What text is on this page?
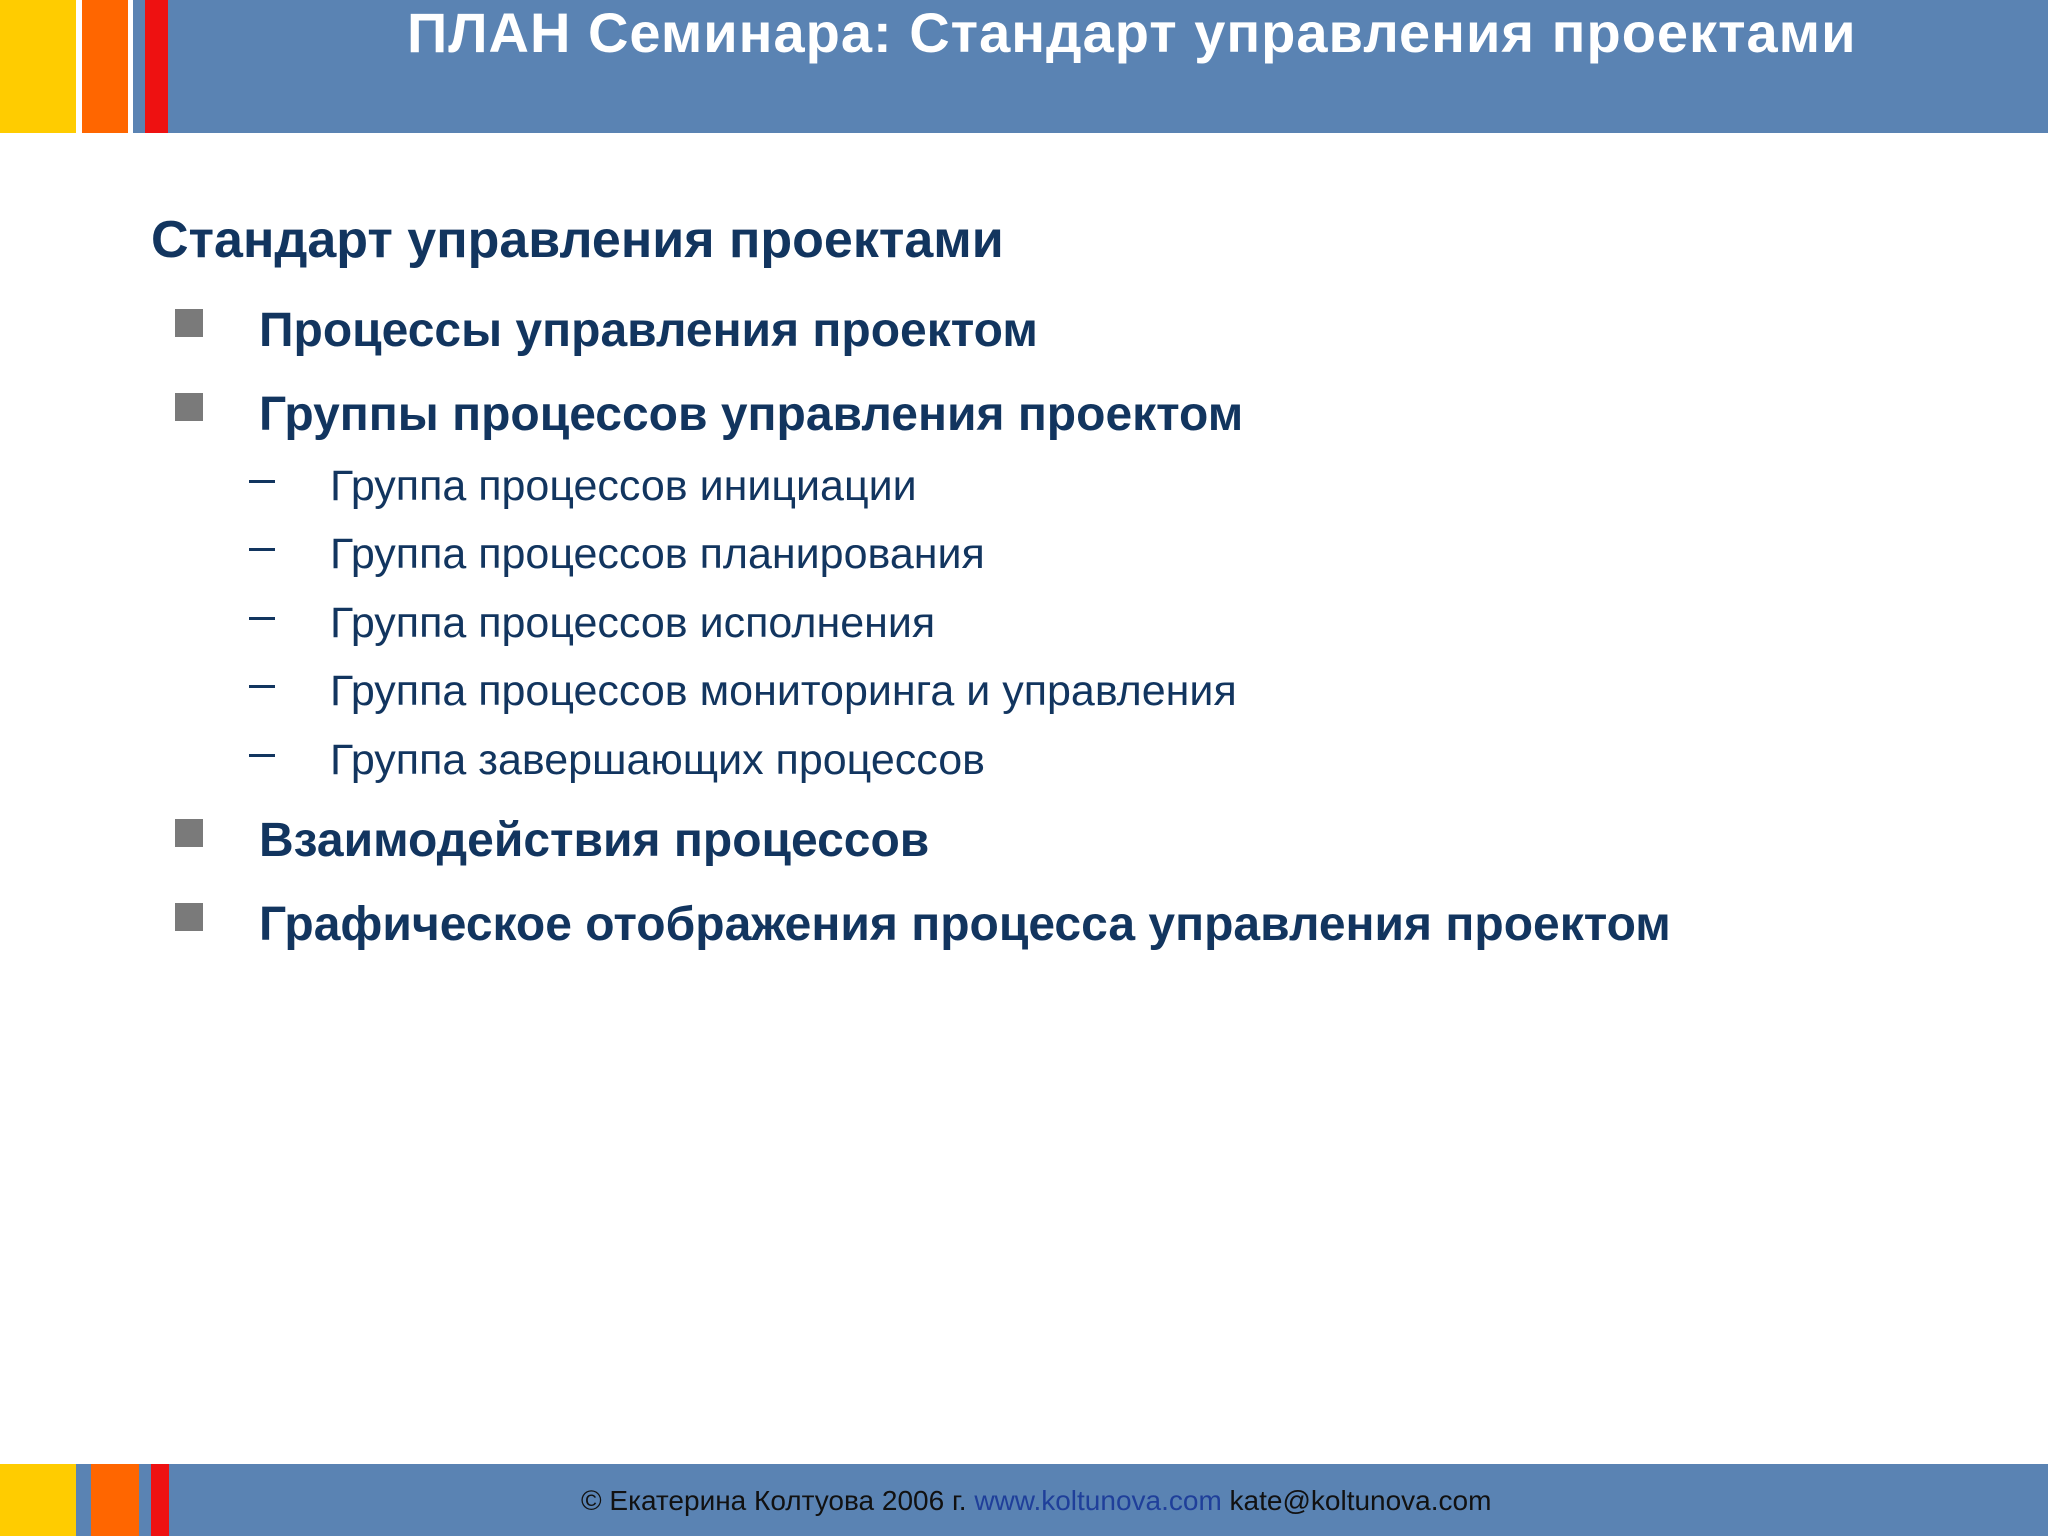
ПЛАН Семинара: Стандарт управления проектами
Стандарт управления проектами
Процессы управления проектом
Группы процессов управления проектом
Группа процессов инициации
Группа процессов планирования
Группа процессов исполнения
Группа процессов мониторинга и управления
Группа завершающих процессов
Взаимодействия процессов
Графическое отображения процесса управления проектом
© Екатерина Колтуова 2006 г. www.koltunova.com kate@koltunova.com
